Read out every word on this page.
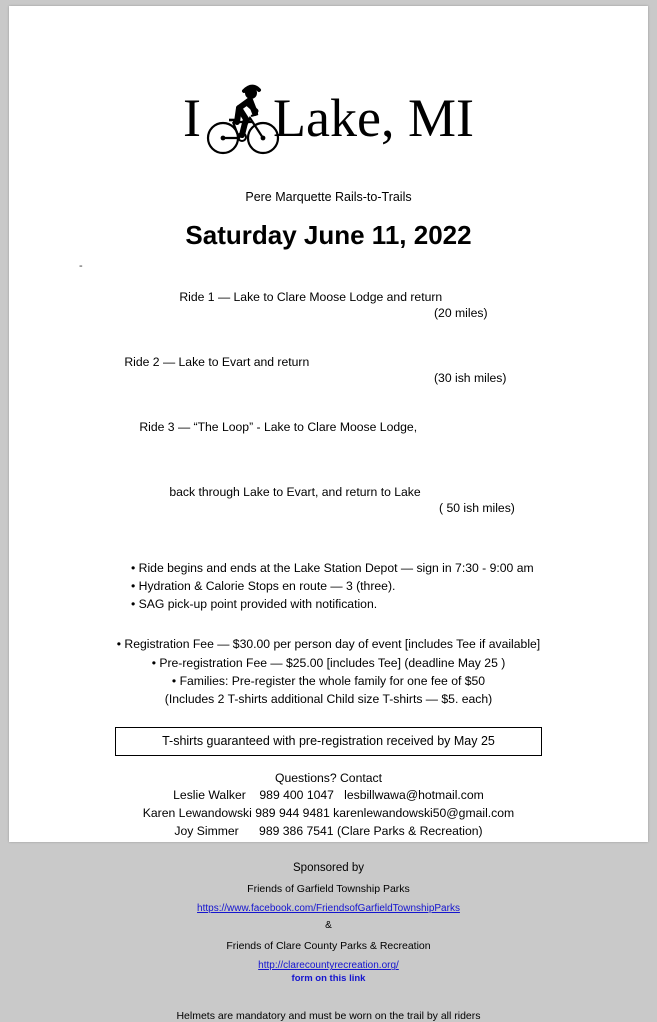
-
I Lake, MI
Pere Marquette Rails-to-Trails
Saturday June 11, 2022

Ride 1 — Lake to Clare Moose Lodge and return

(20 miles)

Ride 2 — Lake to Evart and return

(30 ish miles)

Ride 3 — “The Loop” - Lake to Clare Moose Lodge,

back through Lake to Evart, and return to Lake

( 50 ish miles)

• Ride begins and ends at the Lake Station Depot — sign in 7:30 - 9:00 am
• Hydration & Calorie Stops en route — 3 (three).
• SAG pick-up point provided with notification.
• Registration Fee — $30.00 per person day of event [includes Tee if available]
• Pre-registration Fee — $25.00 [includes Tee] (deadline May 25 )
• Families: Pre-register the whole family for one fee of $50
(Includes 2 T-shirts additional Child size T-shirts — $5. each)
T-shirts guaranteed with pre-registration received by May 25
Questions? Contact
Leslie Walker    989 400 1047   lesbillwawa@hotmail.com
Karen Lewandowski 989 944 9481 karenlewandowski50@gmail.com
Joy Simmer      989 386 7541 (Clare Parks & Recreation)
Sponsored by
Friends of Garfield Township Parks
https://www.facebook.com/FriendsofGarfieldTownshipParks
&
Friends of Clare County Parks & Recreation
http://clarecountyrecreation.org/
form on this link
Helmets are mandatory and must be worn on the trail by all riders
